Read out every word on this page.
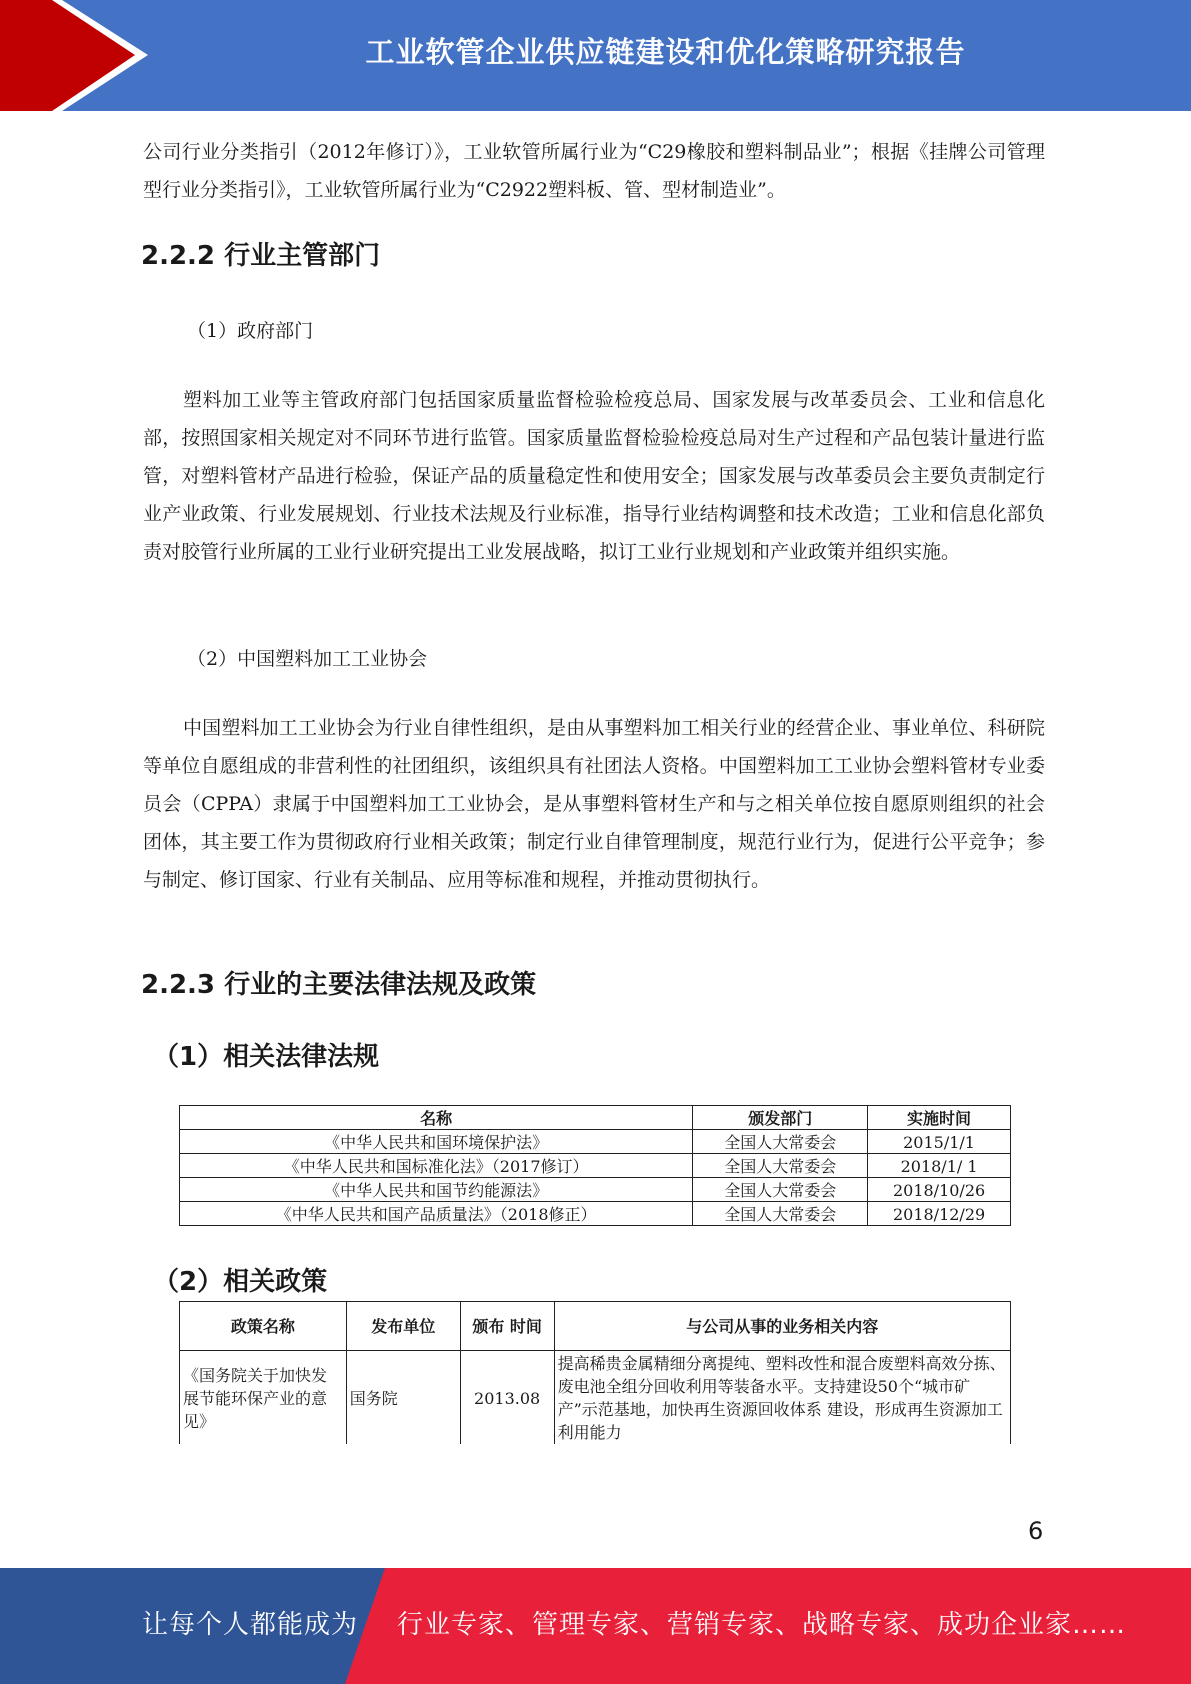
工业软管企业供应链建设和优化策略研究报告

公司行业分类指引（2012年修订）》，工业软管所属行业为“C29橡胶和塑料制品业”；根据《挂牌公司管理型行业分类指引》，工业软管所属行业为“C2922塑料板、管、型材制造业”。

2.2.2 行业主管部门

（1）政府部门

塑料加工业等主管政府部门包括国家质量监督检验检疫总局、国家发展与改革委员会、工业和信息化部，按照国家相关规定对不同环节进行监管。国家质量监督检验检疫总局对生产过程和产品包装计量进行监管，对塑料管材产品进行检验，保证产品的质量稳定性和使用安全；国家发展与改革委员会主要负责制定行业产业政策、行业发展规划、行业技术法规及行业标准，指导行业结构调整和技术改造；工业和信息化部负责对胶管行业所属的工业行业研究提出工业发展战略，拟订工业行业规划和产业政策并组织实施。

（2）中国塑料加工工业协会

中国塑料加工工业协会为行业自律性组织，是由从事塑料加工相关行业的经营企业、事业单位、科研院等单位自愿组成的非营利性的社团组织，该组织具有社团法人资格。中国塑料加工工业协会塑料管材专业委员会（CPPA）隶属于中国塑料加工工业协会，是从事塑料管材生产和与之相关单位按自愿原则组织的社会团体，其主要工作为贯彻政府行业相关政策；制定行业自律管理制度，规范行业行为，促进行公平竞争；参与制定、修订国家、行业有关制品、应用等标准和规程，并推动贯彻执行。

2.2.3 行业的主要法律法规及政策
（1）相关法律法规
名称	颁发部门	实施时间
《中华人民共和国环境保护法》	全国人大常委会	2015/1/1
《中华人民共和国标准化法》（2017修订）	全国人大常委会	2018/1/ 1
《中华人民共和国节约能源法》	全国人大常委会	2018/10/26
《中华人民共和国产品质量法》（2018修正）	全国人大常委会	2018/12/29
（2）相关政策
政策名称	发布单位	颁布 时间	与公司从事的业务相关内容
《国务院关于加快发展节能环保产业的意见》	国务院	2013.08	提高稀贵金属精细分离提纯、塑料改性和混合废塑料高效分拣、废电池全组分回收利用等装备水平。支持建设50个“城市矿产”示范基地，加快再生资源回收体系 建设，形成再生资源加工利用能力
6
让每个人都能成为 行业专家、管理专家、营销专家、战略专家、成功企业家……
